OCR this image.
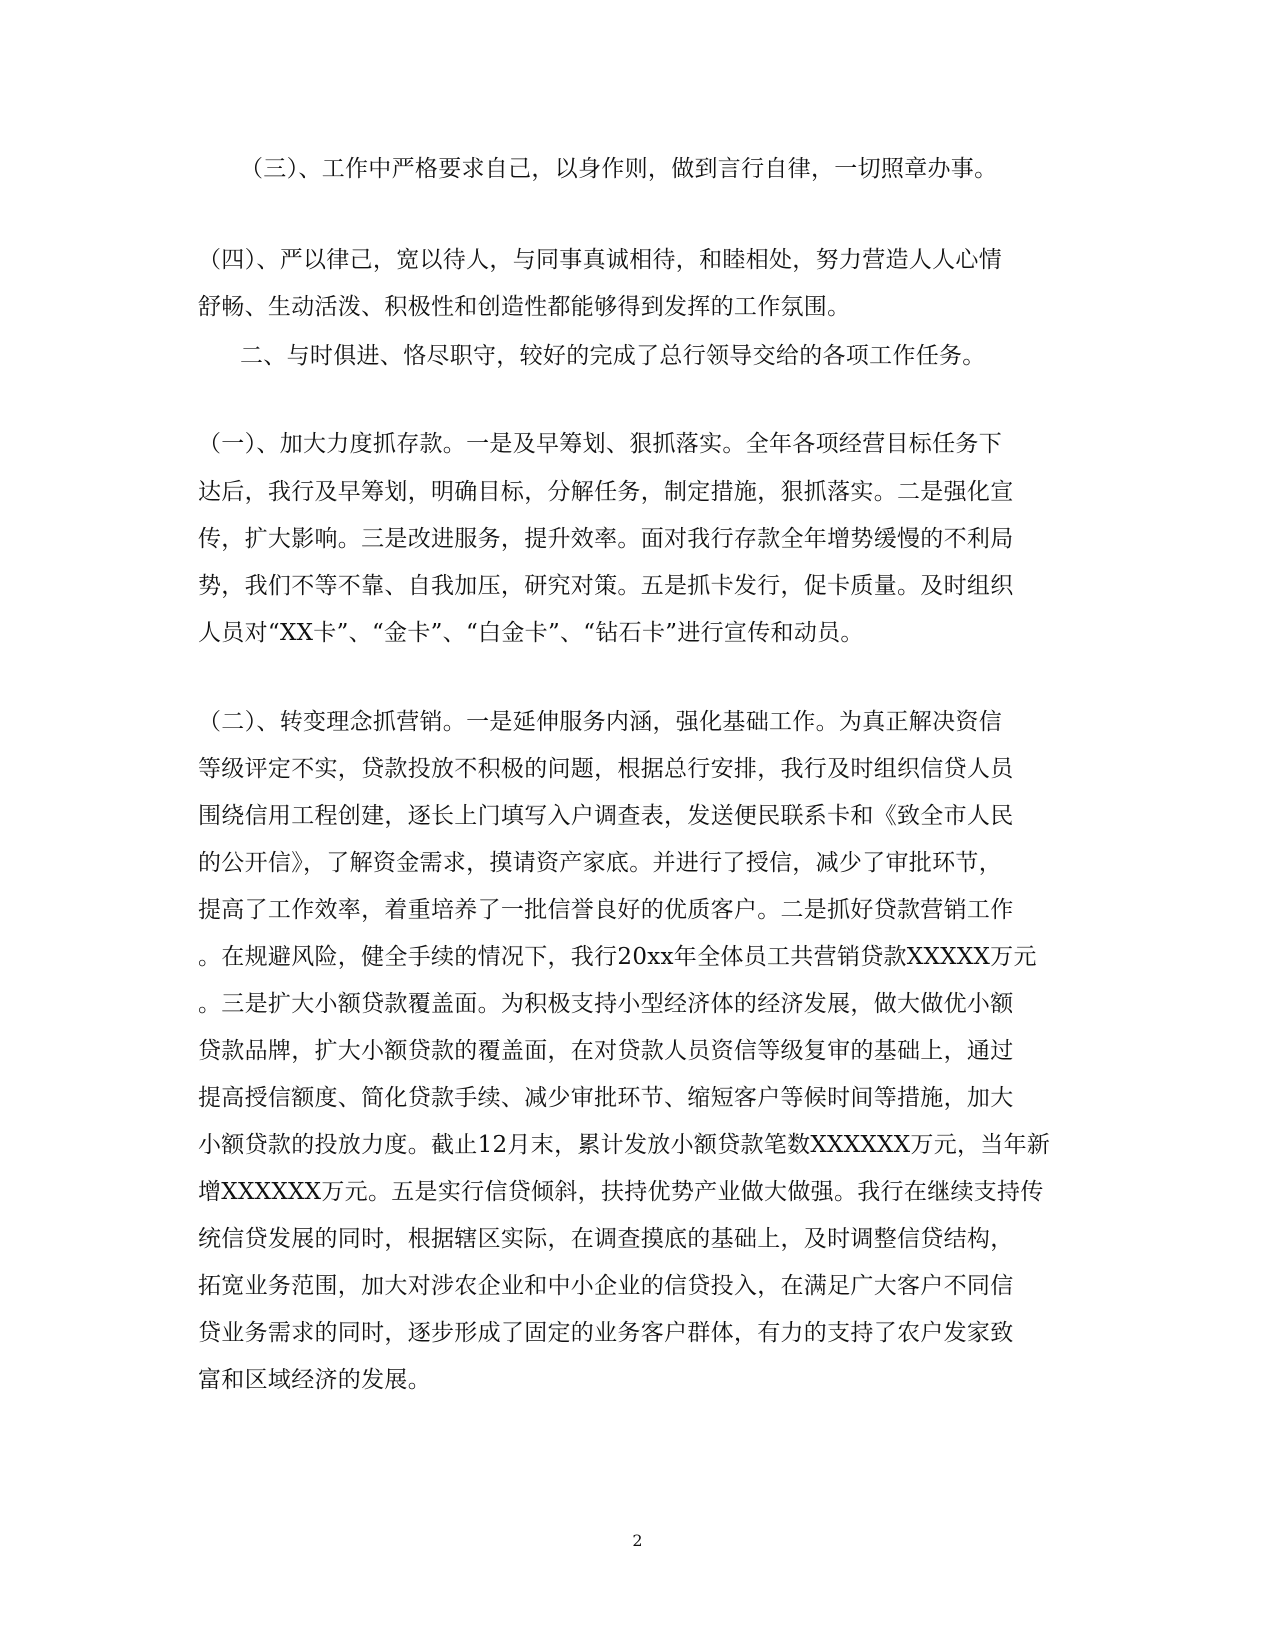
（三）、工作中严格要求自己，以身作则，做到言行自律，一切照章办事。

（四）、严以律己，宽以待人，与同事真诚相待，和睦相处，努力营造人人心情

舒畅、生动活泼、积极性和创造性都能够得到发挥的工作氛围。

二、与时俱进、恪尽职守，较好的完成了总行领导交给的各项工作任务。

（一）、加大力度抓存款。一是及早筹划、狠抓落实。全年各项经营目标任务下

达后，我行及早筹划，明确目标，分解任务，制定措施，狠抓落实。二是强化宣

传，扩大影响。三是改进服务，提升效率。面对我行存款全年增势缓慢的不利局

势，我们不等不靠、自我加压，研究对策。五是抓卡发行，促卡质量。及时组织

人员对“XX卡”、“金卡”、“白金卡”、“钻石卡”进行宣传和动员。

（二）、转变理念抓营销。一是延伸服务内涵，强化基础工作。为真正解决资信

等级评定不实，贷款投放不积极的问题，根据总行安排，我行及时组织信贷人员

围绕信用工程创建，逐长上门填写入户调查表，发送便民联系卡和《致全市人民

的公开信》，了解资金需求，摸请资产家底。并进行了授信，减少了审批环节，

提高了工作效率，着重培养了一批信誉良好的优质客户。二是抓好贷款营销工作

。在规避风险，健全手续的情况下，我行20xx年全体员工共营销贷款XXXXX万元

。三是扩大小额贷款覆盖面。为积极支持小型经济体的经济发展，做大做优小额

贷款品牌，扩大小额贷款的覆盖面，在对贷款人员资信等级复审的基础上，通过

提高授信额度、简化贷款手续、减少审批环节、缩短客户等候时间等措施，加大

小额贷款的投放力度。截止12月末，累计发放小额贷款笔数XXXXXX万元，当年新

增XXXXXX万元。五是实行信贷倾斜，扶持优势产业做大做强。我行在继续支持传

统信贷发展的同时，根据辖区实际，在调查摸底的基础上，及时调整信贷结构，

拓宽业务范围，加大对涉农企业和中小企业的信贷投入，在满足广大客户不同信

贷业务需求的同时，逐步形成了固定的业务客户群体，有力的支持了农户发家致

富和区域经济的发展。

2
